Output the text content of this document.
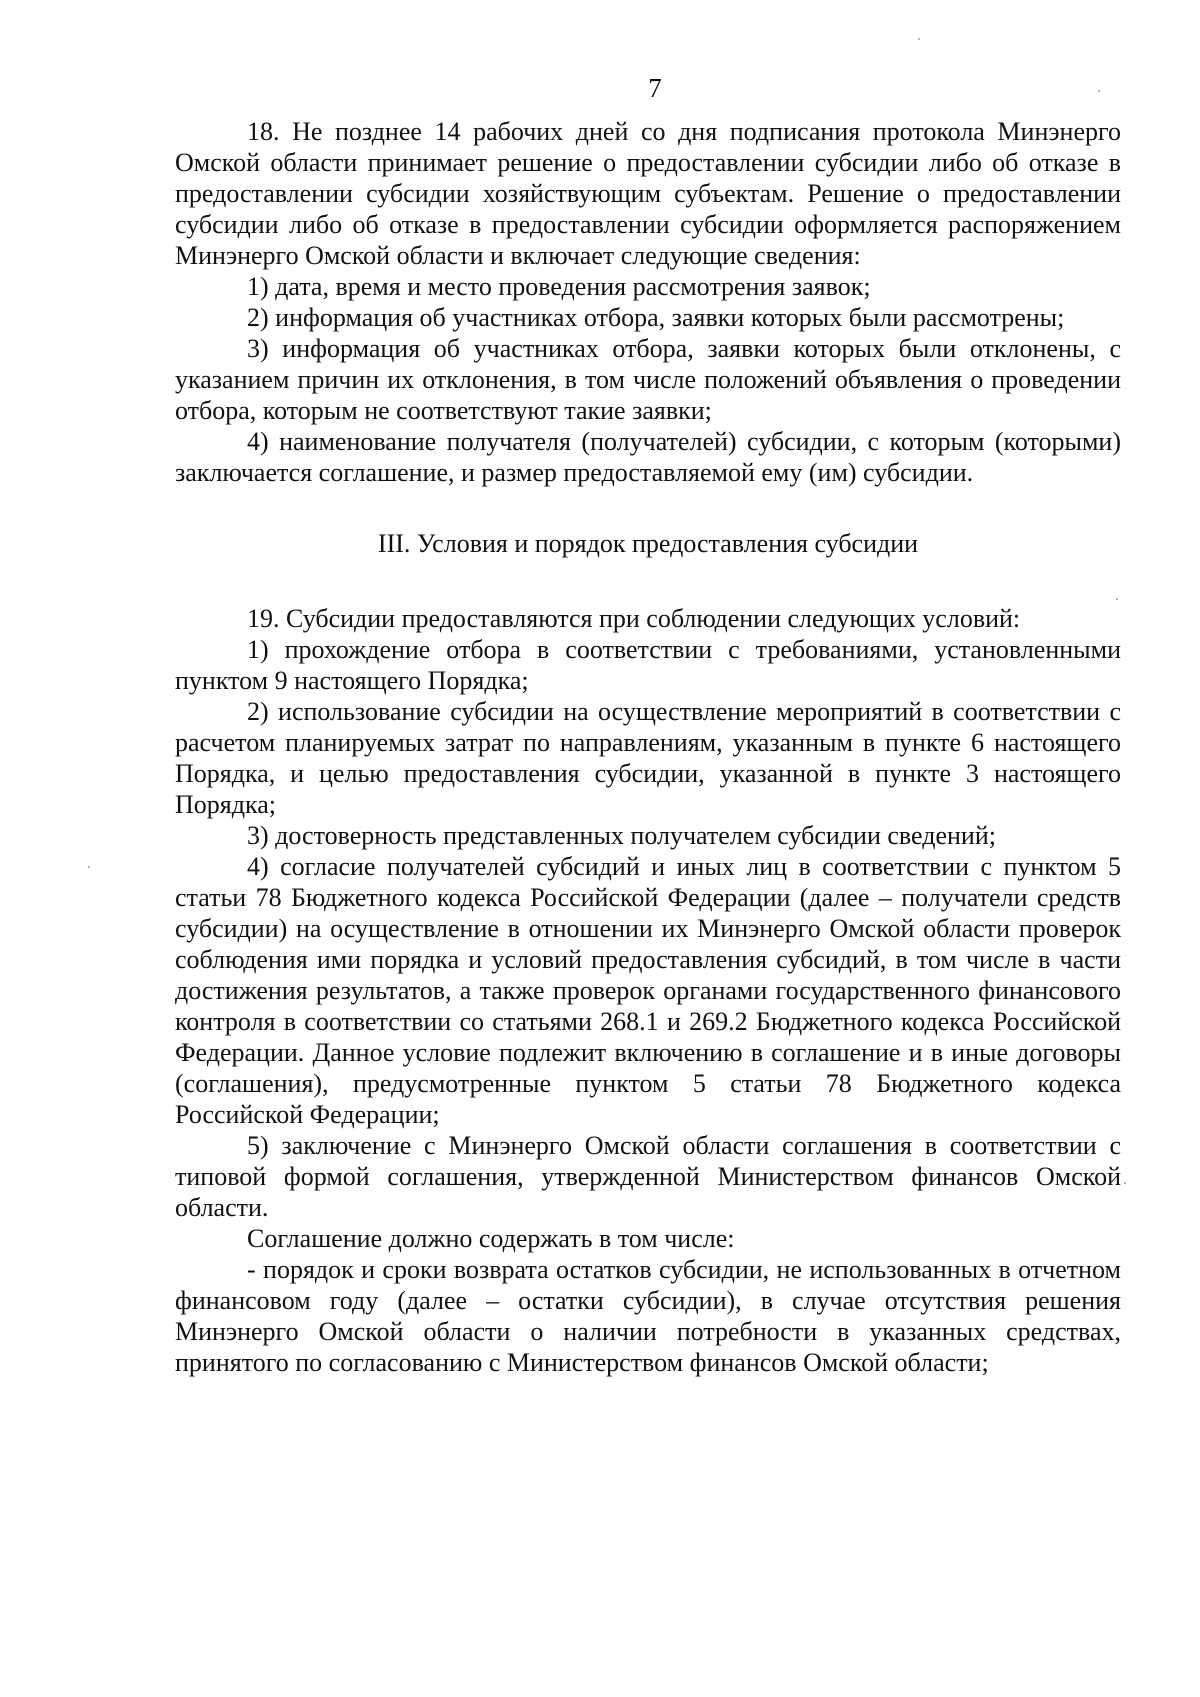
7

18. Не позднее 14 рабочих дней со дня подписания протокола Минэнерго Омской области принимает решение о предоставлении субсидии либо об отказе в предоставлении субсидии хозяйствующим субъектам. Решение о предоставлении субсидии либо об отказе в предоставлении субсидии оформляется распоряжением Минэнерго Омской области и включает следующие сведения:

1) дата, время и место проведения рассмотрения заявок;

2) информация об участниках отбора, заявки которых были рассмотрены;

3) информация об участниках отбора, заявки которых были отклонены, с указанием причин их отклонения, в том числе положений объявления о проведении отбора, которым не соответствуют такие заявки;

4) наименование получателя (получателей) субсидии, с которым (которыми) заключается соглашение, и размер предоставляемой ему (им) субсидии.

III. Условия и порядок предоставления субсидии

19. Субсидии предоставляются при соблюдении следующих условий:

1) прохождение отбора в соответствии с требованиями, установленными пунктом 9 настоящего Порядка;

2) использование субсидии на осуществление мероприятий в соответствии с расчетом планируемых затрат по направлениям, указанным в пункте 6 настоящего Порядка, и целью предоставления субсидии, указанной в пункте 3 настоящего Порядка;

3) достоверность представленных получателем субсидии сведений;

4) согласие получателей субсидий и иных лиц в соответствии с пунктом 5 статьи 78 Бюджетного кодекса Российской Федерации (далее – получатели средств субсидии) на осуществление в отношении их Минэнерго Омской области проверок соблюдения ими порядка и условий предоставления субсидий, в том числе в части достижения результатов, а также проверок органами государственного финансового контроля в соответствии со статьями 268.1 и 269.2 Бюджетного кодекса Российской Федерации. Данное условие подлежит включению в соглашение и в иные договоры (соглашения), предусмотренные пунктом 5 статьи 78 Бюджетного кодекса Российской Федерации;

5) заключение с Минэнерго Омской области соглашения в соответствии с типовой формой соглашения, утвержденной Министерством финансов Омской области.

Соглашение должно содержать в том числе:

- порядок и сроки возврата остатков субсидии, не использованных в отчетном финансовом году (далее – остатки субсидии), в случае отсутствия решения Минэнерго Омской области о наличии потребности в указанных средствах, принятого по согласованию с Министерством финансов Омской области;
